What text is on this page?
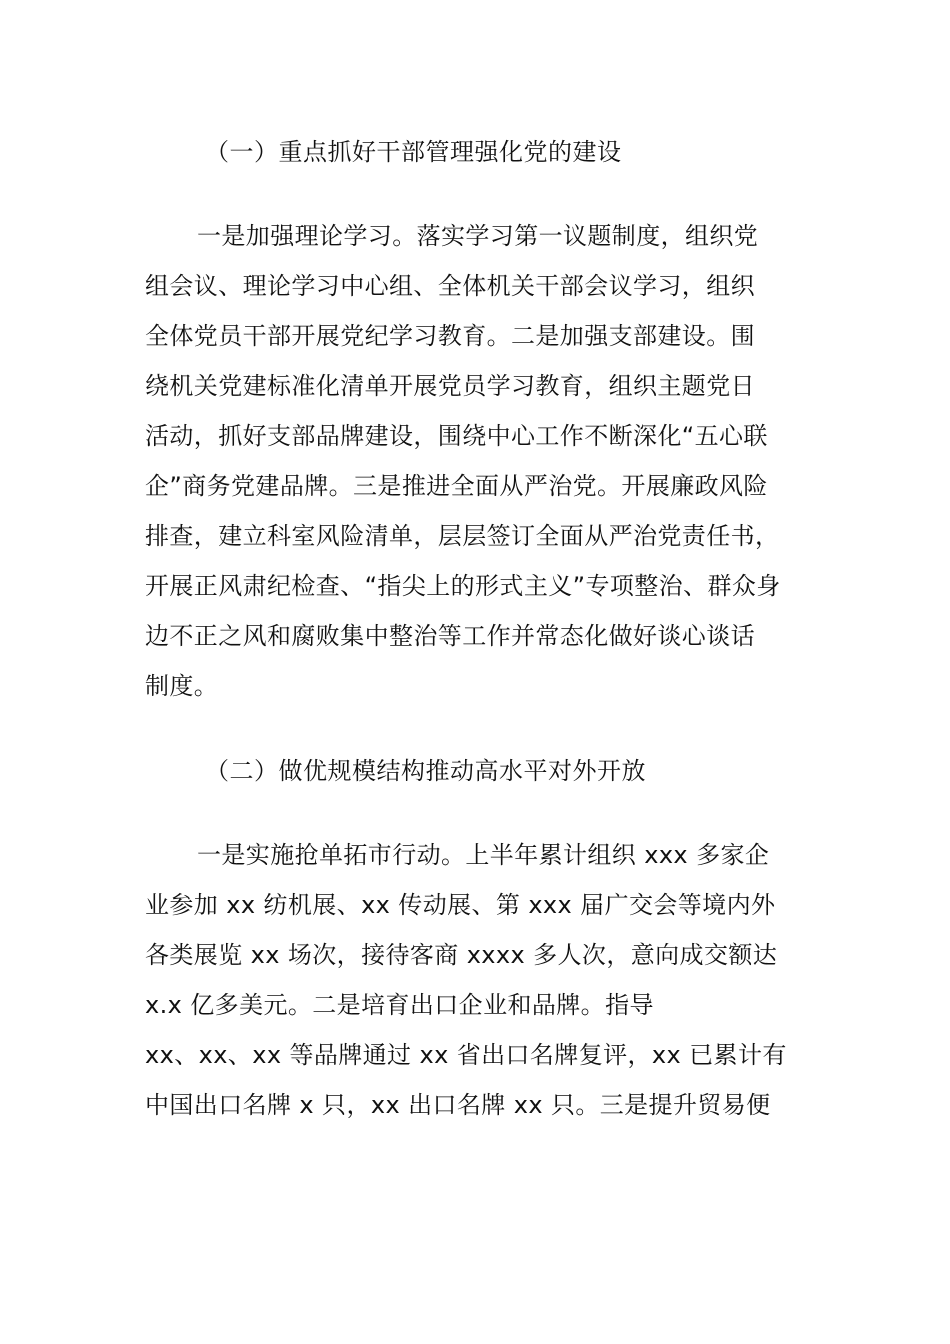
（一）重点抓好干部管理强化党的建设
一是加强理论学习。落实学习第一议题制度，组织党
组会议、理论学习中心组、全体机关干部会议学习，组织
全体党员干部开展党纪学习教育。二是加强支部建设。围
绕机关党建标准化清单开展党员学习教育，组织主题党日
活动，抓好支部品牌建设，围绕中心工作不断深化“五心联
企”商务党建品牌。三是推进全面从严治党。开展廉政风险
排查，建立科室风险清单，层层签订全面从严治党责任书，
开展正风肃纪检查、“指尖上的形式主义”专项整治、群众身
边不正之风和腐败集中整治等工作并常态化做好谈心谈话
制度。
（二）做优规模结构推动高水平对外开放
一是实施抢单拓市行动。上半年累计组织 xxx 多家企
业参加 xx 纺机展、xx 传动展、第 xxx 届广交会等境内外
各类展览 xx 场次，接待客商 xxxx 多人次，意向成交额达
x.x 亿多美元。二是培育出口企业和品牌。指导
xx、xx、xx 等品牌通过 xx 省出口名牌复评，xx 已累计有
中国出口名牌 x 只，xx 出口名牌 xx 只。三是提升贸易便
